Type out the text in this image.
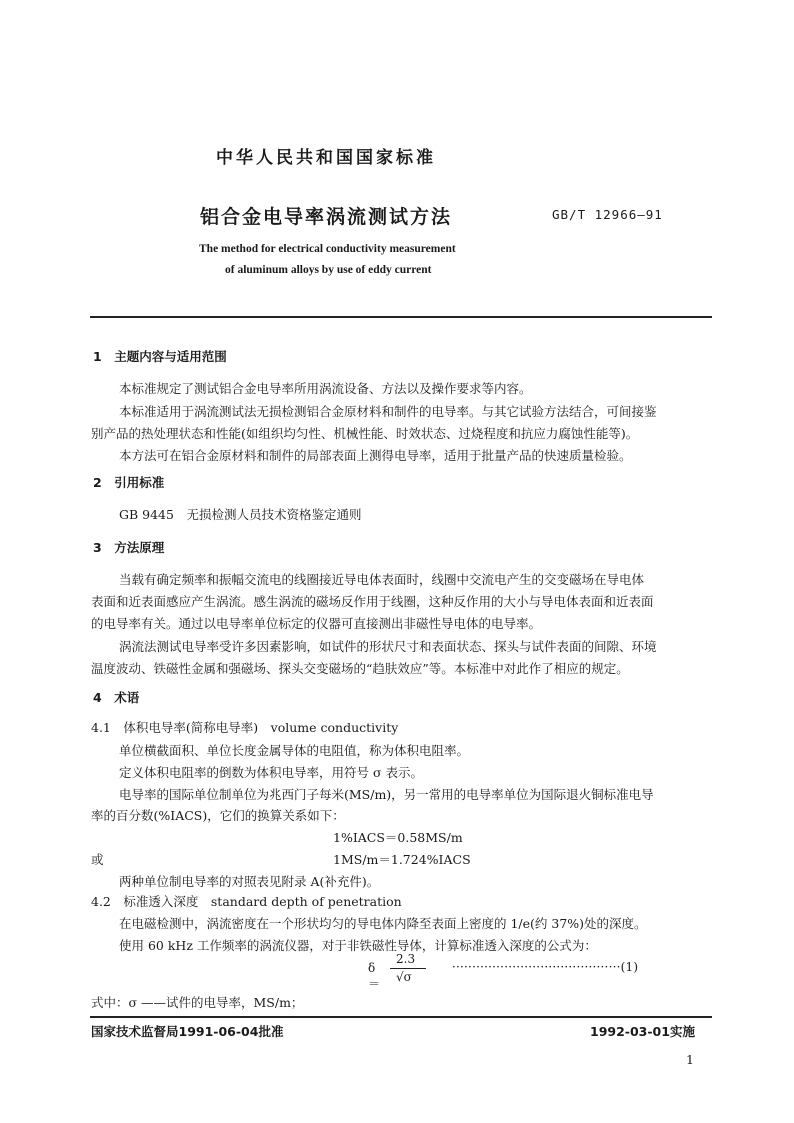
中华人民共和国国家标准
铝合金电导率涡流测试方法	GB/T 12966—91
The method for electrical conductivity measurement
of aluminum alloys by use of eddy current
1　主题内容与适用范围
本标准规定了测试铝合金电导率所用涡流设备、方法以及操作要求等内容。
本标准适用于涡流测试法无损检测铝合金原材料和制件的电导率。与其它试验方法结合，可间接鉴
别产品的热处理状态和性能(如组织均匀性、机械性能、时效状态、过烧程度和抗应力腐蚀性能等)。
本方法可在铝合金原材料和制件的局部表面上测得电导率，适用于批量产品的快速质量检验。
2　引用标准
GB 9445　无损检测人员技术资格鉴定通则
3　方法原理
当载有确定频率和振幅交流电的线圈接近导电体表面时，线圈中交流电产生的交变磁场在导电体
表面和近表面感应产生涡流。感生涡流的磁场反作用于线圈，这种反作用的大小与导电体表面和近表面
的电导率有关。通过以电导率单位标定的仪器可直接测出非磁性导电体的电导率。
涡流法测试电导率受许多因素影响，如试件的形状尺寸和表面状态、探头与试件表面的间隙、环境
温度波动、铁磁性金属和强磁场、探头交变磁场的“趋肤效应”等。本标准中对此作了相应的规定。
4　术语
4.1　体积电导率(简称电导率)　volume conductivity
单位横截面积、单位长度金属导体的电阻值，称为体积电阻率。
定义体积电阻率的倒数为体积电导率，用符号 σ 表示。
电导率的国际单位制单位为兆西门子每米(MS/m)，另一常用的电导率单位为国际退火铜标准电导
率的百分数(%IACS)，它们的换算关系如下：
1%IACS＝0.58MS/m
或	1MS/m＝1.724%IACS
两种单位制电导率的对照表见附录 A(补充件)。
4.2　标准透入深度　standard depth of penetration
在电磁检测中，涡流密度在一个形状均匀的导电体内降至表面上密度的 1/e(约 37%)处的深度。
使用 60 kHz 工作频率的涡流仪器，对于非铁磁性导体，计算标准透入深度的公式为：
δ ＝
2.3
√σ
··········································(1)
式中：σ ——试件的电导率，MS/m；
国家技术监督局1991-06-04批准	1992-03-01实施
1
